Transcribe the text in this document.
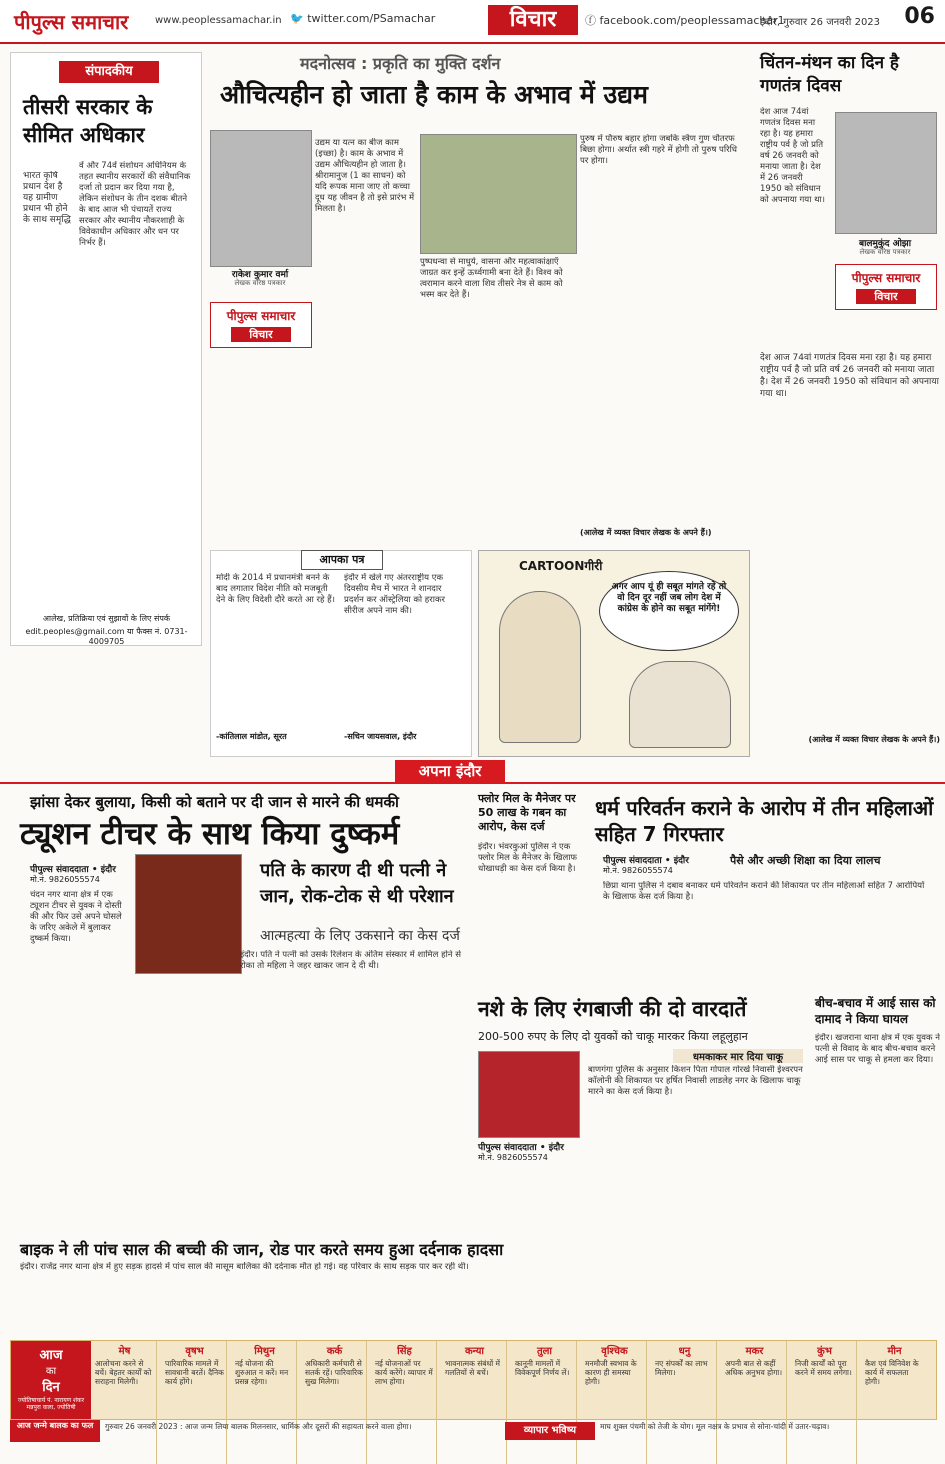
पीपुल्स समाचार	www.peoplessamachar.in 🐦 twitter.com/PSamachar	विचार	ⓕ facebook.com/peoplessamachar1
इंदौर, गुरुवार 26 जनवरी 2023 06
संपादकीय
तीसरी सरकार के सीमित अधिकार
भारत कृषि प्रधान देश है यह ग्रामीण प्रधान भी होने के साथ समृद्धि
वें और 74वें संशोधन अधिनियम के तहत स्थानीय सरकारों की संवैधानिक दर्जा तो प्रदान कर दिया गया है, लेकिन संशोधन के तीन दशक बीतने के बाद आज भी पंचायतें राज्य सरकार और स्थानीय नौकरशाही के विवेकाधीन अधिकार और धन पर निर्भर हैं।
आलेख, प्रतिक्रिया एवं सुझावों के लिए संपर्क
edit.peoples@gmail.com या फैक्स नं. 0731-4009705
मदनोत्सव : प्रकृति का मुक्ति दर्शन
औचित्यहीन हो जाता है काम के अभाव में उद्यम
राकेश कुमार वर्मा
लेखक वरिष्ठ पत्रकार
पीपुल्स समाचार
विचार
उद्यम या यत्न का बीज काम (इच्छा) है। काम के अभाव में उद्यम औचित्यहीन हो जाता है। श्रीरामानुज (1 का साधन) को यदि रूपक माना जाए तो कच्चा दूध यह जीवन है तो इसे प्रारंभ में मिलता है।
पुष्पधन्वा से माधुर्य, वासना और महत्वाकांक्षाएँ जाग्रत कर इन्हें ऊर्ध्वगामी बना देते हैं। विश्व को त्वरामान करने वाला शिव तीसरे नेत्र से काम को भस्म कर देते हैं।
पुरुष में पौरुष बहार होगा जबकि स्त्रैण गुण चौतरफ बिछा होगा। अर्थात स्त्री गहरे में होगी तो पुरुष परिधि पर होगा।
(आलेख में व्यक्त विचार लेखक के अपने हैं।)
चिंतन-मंथन का दिन है गणतंत्र दिवस
देश आज 74वां गणतंत्र दिवस मना रहा है। यह हमारा राष्ट्रीय पर्व है जो प्रति वर्ष 26 जनवरी को मनाया जाता है। देश में 26 जनवरी 1950 को संविधान को अपनाया गया था।
बालमुकुंद ओझा
लेखक वरिष्ठ पत्रकार
पीपुल्स समाचार
विचार
देश आज 74वां गणतंत्र दिवस मना रहा है। यह हमारा राष्ट्रीय पर्व है जो प्रति वर्ष 26 जनवरी को मनाया जाता है। देश में 26 जनवरी 1950 को संविधान को अपनाया गया था।
(आलेख में व्यक्त विचार लेखक के अपने हैं।)
आपका पत्र
मोदी के 2014 में प्रधानमंत्री बनने के बाद लगातार विदेश नीति को मजबूती देने के लिए विदेशी दौरे करते आ रहे हैं।
-कांतिलाल मांडोत, सूरत
इंदौर में खेले गए अंतरराष्ट्रीय एक दिवसीय मैच में भारत ने शानदार प्रदर्शन कर ऑस्ट्रेलिया को हराकर सीरीज अपने नाम की।
-सचिन जायसवाल, इंदौर
CARTOONगीरी
अगर आप यूं ही सबूत मांगते रहे तो वो दिन दूर नहीं जब लोग देश में कांग्रेस के होने का सबूत मांगेंगे!
अपना इंदौर
झांसा देकर बुलाया, किसी को बताने पर दी जान से मारने की धमकी
ट्यूशन टीचर के साथ किया दुष्कर्म
पीपुल्स संवाददाता • इंदौर
मो.नं. 9826055574
चंदन नगर थाना क्षेत्र में एक ट्यूशन टीचर से युवक ने दोस्ती की और फिर उसे अपने घोसले के जरिए अकेले में बुलाकर दुष्कर्म किया।
पति के कारण दी थी पत्नी ने जान, रोक-टोक से थी परेशान
आत्महत्या के लिए उकसाने का केस दर्ज
इंदौर। पति ने पत्नी को उसके रिलेशन के अंतिम संस्कार में शामिल होने से रोका तो महिला ने जहर खाकर जान दे दी थी।
फ्लोर मिल के मैनेजर पर 50 लाख के गबन का आरोप, केस दर्ज
इंदौर। भंवरकुआं पुलिस ने एक फ्लोर मिल के मैनेजर के खिलाफ धोखाधड़ी का केस दर्ज किया है।
धर्म परिवर्तन कराने के आरोप में तीन महिलाओं सहित 7 गिरफ्तार
पीपुल्स संवाददाता • इंदौर
मो.नं. 9826055574
पैसे और अच्छी शिक्षा का दिया लालच
छिप्रा थाना पुलिस ने दबाव बनाकर धर्म परिवर्तन कराने की शिकायत पर तीन महिलाओं सहित 7 आरोपियों के खिलाफ केस दर्ज किया है।
नशे के लिए रंगबाजी की दो वारदातें
200-500 रुपए के लिए दो युवकों को चाकू मारकर किया लहूलुहान
धमकाकर मार दिया चाकू
पीपुल्स संवाददाता • इंदौर
मो.नं. 9826055574
बाणगंगा पुलिस के अनुसार किशन पिता गोपाल गोरखे निवासी ईश्वरपन कॉलोनी की शिकायत पर हर्षित निवासी लाडलेह नगर के खिलाफ चाकू मारने का केस दर्ज किया है।
बीच-बचाव में आई सास को दामाद ने किया घायल
इंदौर। खजराना थाना क्षेत्र में एक युवक ने पत्नी से विवाद के बाद बीच-बचाव करने आई सास पर चाकू से हमला कर दिया।
बाइक ने ली पांच साल की बच्ची की जान, रोड पार करते समय हुआ दर्दनाक हादसा
इंदौर। राजेंद्र नगर थाना क्षेत्र में हुए सड़क हादसे में पांच साल की मासूम बालिका की दर्दनाक मौत हो गई। वह परिवार के साथ सड़क पार कर रही थी।
आज
का
दिन
ज्योतिषाचार्य पं. नारायण शंकर मन्नपुरा वाला, ज्योतिषी
मेष
आलोचना करने से बचें। बेहतर कार्यों को सराहना मिलेगी।
वृषभ
पारिवारिक मामले में सावधानी बरतें। दैनिक कार्य होंगे।
मिथुन
नई योजना की शुरुआत न करें। मन प्रसन्न रहेगा।
कर्क
अधिकारी कर्मचारी से सतर्क रहें। पारिवारिक सुख मिलेगा।
सिंह
नई योजनाओं पर कार्य करेंगे। व्यापार में लाभ होगा।
कन्या
भावनात्मक संबंधों में गलतियों से बचें।
तुला
कानूनी मामलों में विवेकपूर्ण निर्णय लें।
वृश्चिक
मनमौजी स्वभाव के कारण ही समस्या होगी।
धनु
नए संपर्कों का लाभ मिलेगा।
मकर
अपनी बात से कहीं अधिक अनुभव होगा।
कुंभ
निजी कार्यों को पूरा करने में समय लगेगा।
मीन
कैश एवं विनिवेश के कार्य में सफलता होगी।
आज जन्मे बालक का फल	गुरुवार 26 जनवरी 2023 : आज जन्म लिया बालक मिलनसार, धार्मिक और दूसरों की सहायता करने वाला होगा।	व्यापार भविष्य	माघ शुक्ल पंचमी को तेजी के योग। मूल नक्षत्र के प्रभाव से सोना-चांदी में उतार-चढ़ाव।
